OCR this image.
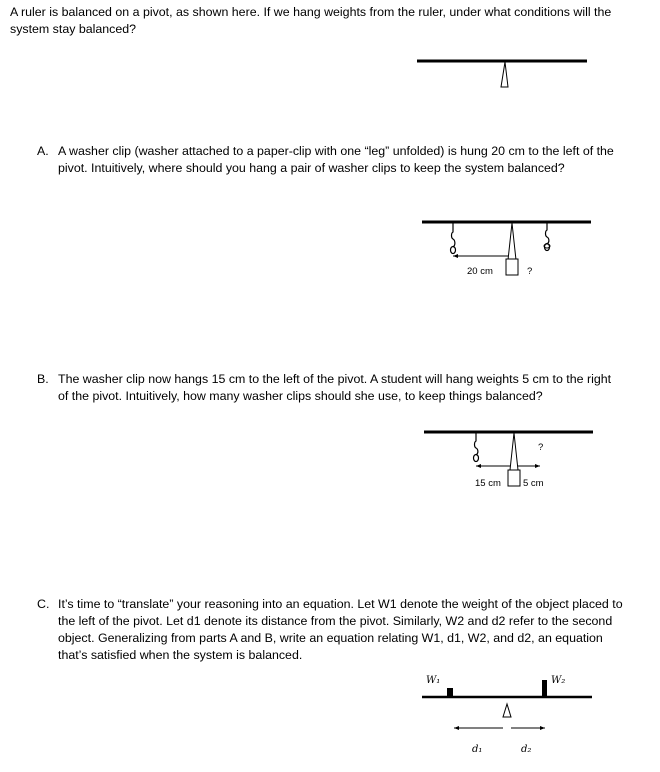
A ruler is balanced on a pivot, as shown here. If we hang weights from the ruler, under what conditions will the system stay balanced?
A. A washer clip (washer attached to a paper-clip with one “leg” unfolded) is hung 20 cm to the left of the pivot. Intuitively, where should you hang a pair of washer clips to keep the system balanced?
B. The washer clip now hangs 15 cm to the left of the pivot. A student will hang weights 5 cm to the right of the pivot. Intuitively, how many washer clips should she use, to keep things balanced?
C. It’s time to “translate” your reasoning into an equation. Let W1 denote the weight of the object placed to the left of the pivot. Let d1 denote its distance from the pivot. Similarly, W2 and d2 refer to the second object. Generalizing from parts A and B, write an equation relating W1, d1, W2, and d2, an equation that’s satisfied when the system is balanced.
20 cm	?
?
15 cm 5 cm
W₁	W₂
d₁	d₂
